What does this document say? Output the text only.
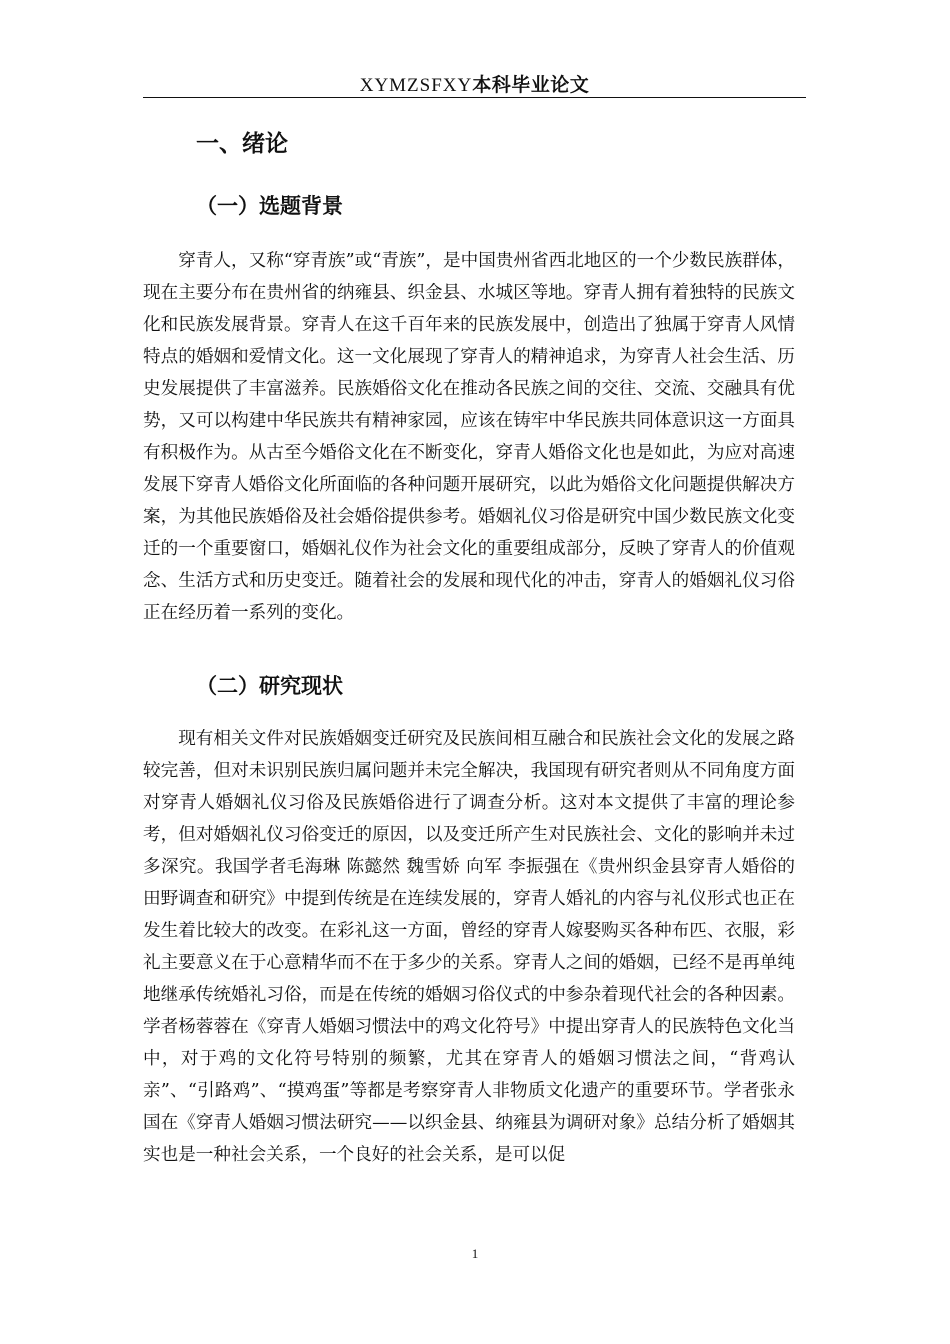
XYMZSFXY本科毕业论文
一、绪论
（一）选题背景

穿青人，又称“穿青族”或“青族”，是中国贵州省西北地区的一个少数民族群体，现在主要分布在贵州省的纳雍县、织金县、水城区等地。穿青人拥有着独特的民族文化和民族发展背景。穿青人在这千百年来的民族发展中，创造出了独属于穿青人风情特点的婚姻和爱情文化。这一文化展现了穿青人的精神追求，为穿青人社会生活、历史发展提供了丰富滋养。民族婚俗文化在推动各民族之间的交往、交流、交融具有优势，又可以构建中华民族共有精神家园，应该在铸牢中华民族共同体意识这一方面具有积极作为。从古至今婚俗文化在不断变化，穿青人婚俗文化也是如此，为应对高速发展下穿青人婚俗文化所面临的各种问题开展研究，以此为婚俗文化问题提供解决方案，为其他民族婚俗及社会婚俗提供参考。婚姻礼仪习俗是研究中国少数民族文化变迁的一个重要窗口，婚姻礼仪作为社会文化的重要组成部分，反映了穿青人的价值观念、生活方式和历史变迁。随着社会的发展和现代化的冲击，穿青人的婚姻礼仪习俗正在经历着一系列的变化。

（二）研究现状

现有相关文件对民族婚姻变迁研究及民族间相互融合和民族社会文化的发展之路较完善，但对未识别民族归属问题并未完全解决，我国现有研究者则从不同角度方面对穿青人婚姻礼仪习俗及民族婚俗进行了调查分析。这对本文提供了丰富的理论参考，但对婚姻礼仪习俗变迁的原因，以及变迁所产生对民族社会、文化的影响并未过多深究。我国学者毛海琳 陈懿然 魏雪娇 向军 李振强在《贵州织金县穿青人婚俗的田野调查和研究》中提到传统是在连续发展的，穿青人婚礼的内容与礼仪形式也正在发生着比较大的改变。在彩礼这一方面，曾经的穿青人嫁娶购买各种布匹、衣服，彩礼主要意义在于心意精华而不在于多少的关系。穿青人之间的婚姻，已经不是再单纯地继承传统婚礼习俗，而是在传统的婚姻习俗仪式的中参杂着现代社会的各种因素。学者杨蓉蓉在《穿青人婚姻习惯法中的鸡文化符号》中提出穿青人的民族特色文化当中，对于鸡的文化符号特别的频繁，尤其在穿青人的婚姻习惯法之间，“背鸡认亲”、“引路鸡”、“摸鸡蛋”等都是考察穿青人非物质文化遗产的重要环节。学者张永国在《穿青人婚姻习惯法研究——以织金县、纳雍县为调研对象》总结分析了婚姻其实也是一种社会关系，一个良好的社会关系，是可以促

1
